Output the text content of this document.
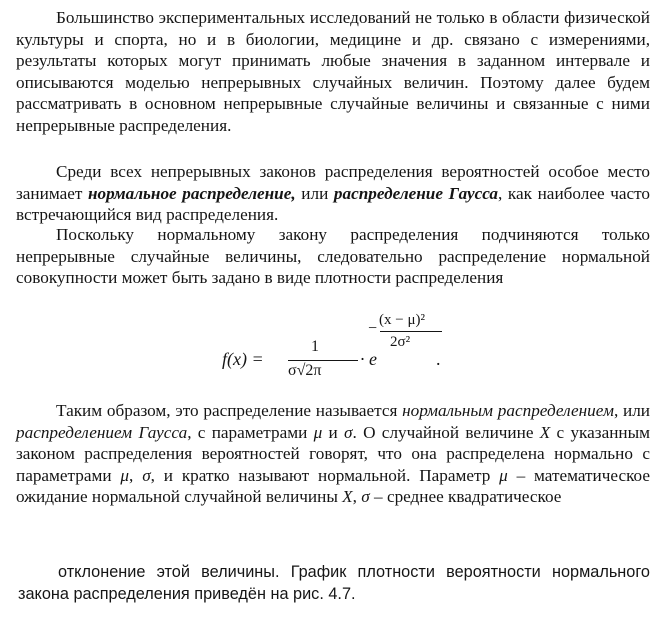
Большинство экспериментальных исследований не только в области физической культуры и спорта, но и в биологии, медицине и др. связано с измерениями, результаты которых могут принимать любые значения в заданном интервале и описываются моделью непрерывных случайных величин. Поэтому далее будем рассматривать в основном непрерывные случайные величины и связанные с ними непрерывные распределения.

Среди всех непрерывных законов распределения вероятностей особое место занимает нормальное распределение, или распределение Гаусса, как наиболее часто встречающийся вид распределения.

Поскольку нормальному закону распределения подчиняются только непрерывные случайные величины, следовательно распределение нормальной совокупности может быть задано в виде плотности распределения

f(x) =
1
σ√2π
· e
− (x − μ)²
2σ²
.

Таким образом, это распределение называется нормальным распределением, или распределением Гаусса, с параметрами μ и σ. О случайной величине X с указанным законом распределения вероятностей говорят, что она распределена нормально с параметрами μ, σ, и кратко называют нормальной. Параметр μ – математическое ожидание нормальной случайной величины X, σ – среднее квадратическое

отклонение этой величины. График плотности вероятности нормального закона распределения приведён на рис. 4.7.
